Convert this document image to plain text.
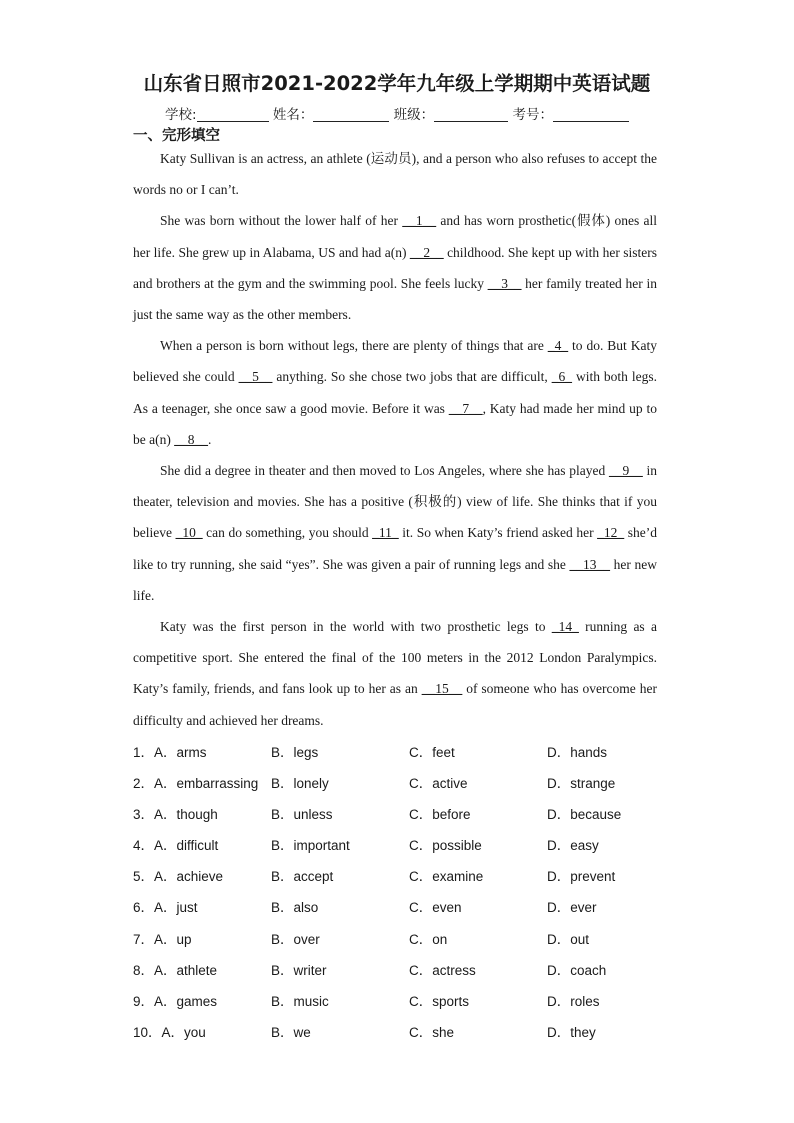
山东省日照市2021-2022学年九年级上学期期中英语试题
学校:	姓名：	班级：	考号：
一、完形填空

Katy Sullivan is an actress, an athlete (运动员), and a person who also refuses to accept the words no or I can’t.

She was born without the lower half of her __1__ and has worn prosthetic(假体) ones all her life. She grew up in Alabama, US and had a(n) __2__ childhood. She kept up with her sisters and brothers at the gym and the swimming pool. She feels lucky __3__ her family treated her in just the same way as the other members.

When a person is born without legs, there are plenty of things that are _4_ to do. But Katy believed she could __5__ anything. So she chose two jobs that are difficult, _6_ with both legs. As a teenager, she once saw a good movie. Before it was __7__, Katy had made her mind up to be a(n) __8__.

She did a degree in theater and then moved to Los Angeles, where she has played __9__ in theater, television and movies. She has a positive (积极的) view of life. She thinks that if you believe _10_ can do something, you should _11_ it. So when Katy’s friend asked her _12_ she’d like to try running, she said “yes”. She was given a pair of running legs and she __13__ her new life.

Katy was the first person in the world with two prosthetic legs to _14_ running as a competitive sport. She entered the final of the 100 meters in the 2012 London Paralympics. Katy’s family, friends, and fans look up to her as an __15__ of someone who has overcome her difficulty and achieved her dreams.

1．A．arms	B．legs	C．feet	D．hands
2．A．embarrassing B．lonely	C．active	D．strange
3．A．though	B．unless	C．before	D．because
4．A．difficult	B．important	C．possible	D．easy
5．A．achieve	B．accept	C．examine	D．prevent
6．A．just	B．also	C．even	D．ever
7．A．up	B．over	C．on	D．out
8．A．athlete	B．writer	C．actress	D．coach
9．A．games	B．music	C．sports	D．roles
10．A．you	B．we	C．she	D．they
